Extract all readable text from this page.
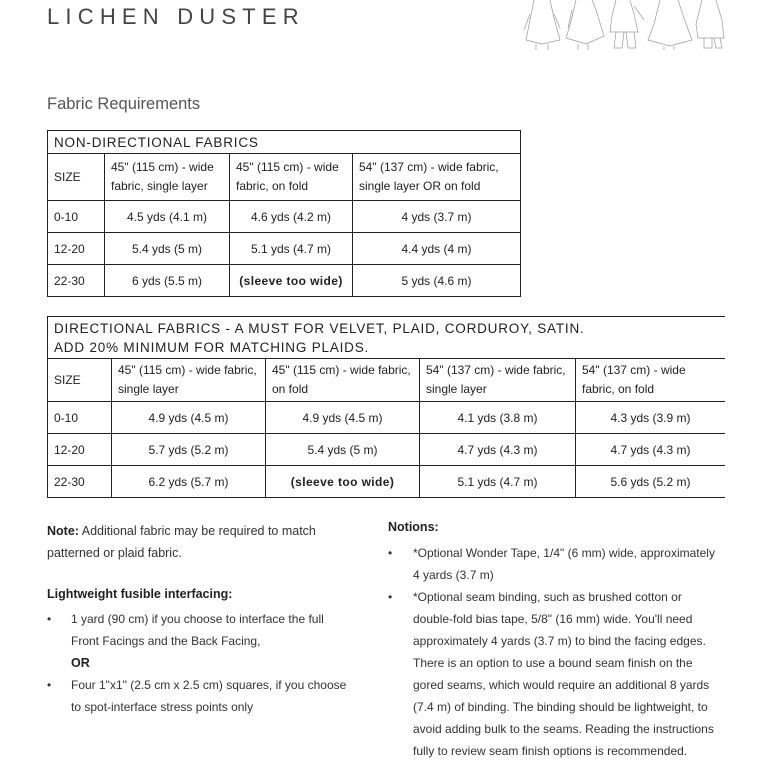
LICHEN DUSTER
Fabric Requirements
NON-DIRECTIONAL FABRICS			
SIZE	45" (115 cm) - wide fabric, single layer	45" (115 cm) - wide fabric, on fold	54" (137 cm) - wide fabric, single layer OR on fold
0-10	4.5 yds (4.1 m)	4.6 yds (4.2 m)	4 yds (3.7 m)
12-20	5.4 yds (5 m)	5.1 yds (4.7 m)	4.4 yds (4 m)
22-30	6 yds (5.5 m)	(sleeve too wide)	5 yds (4.6 m)
DIRECTIONAL FABRICS - A MUST FOR VELVET, PLAID, CORDUROY, SATIN.
ADD 20% MINIMUM FOR MATCHING PLAIDS.				

SIZE	45" (115 cm) - wide fabric, single layer	45" (115 cm) - wide fabric, on fold	54" (137 cm) - wide fabric, single layer	54" (137 cm) - wide fabric, on fold
0-10	4.9 yds (4.5 m)	4.9 yds (4.5 m)	4.1 yds (3.8 m)	4.3 yds (3.9 m)
12-20	5.7 yds (5.2 m)	5.4 yds (5 m)	4.7 yds (4.3 m)	4.7 yds (4.3 m)
22-30	6.2 yds (5.7 m)	(sleeve too wide)	5.1 yds (4.7 m)	5.6 yds (5.2 m)

Note: Additional fabric may be required to match patterned or plaid fabric.

Lightweight fusible interfacing:
• 1 yard (90 cm) if you choose to interface the full Front Facings and the Back Facing,
OR
• Four 1"x1" (2.5 cm x 2.5 cm) squares, if you choose to spot-interface stress points only
Notions:
• *Optional Wonder Tape, 1/4" (6 mm) wide, approximately 4 yards (3.7 m)
• *Optional seam binding, such as brushed cotton or double-fold bias tape, 5/8" (16 mm) wide. You'll need approximately 4 yards (3.7 m) to bind the facing edges. There is an option to use a bound seam finish on the gored seams, which would require an additional 8 yards (7.4 m) of binding. The binding should be lightweight, to avoid adding bulk to the seams. Reading the instructions fully to review seam finish options is recommended.
